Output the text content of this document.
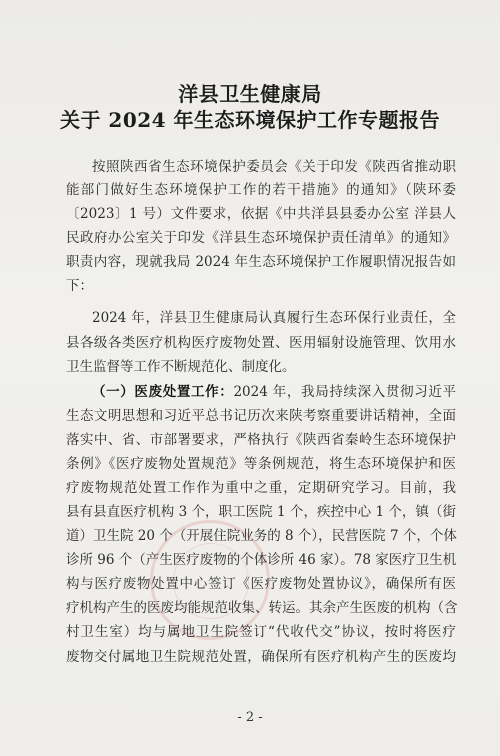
洋县卫生健康局
关于 2024 年生态环境保护工作专题报告
按照陕西省生态环境保护委员会《关于印发《陕西省推动职
能部门做好生态环境保护工作的若干措施》的通知》（陕环委
〔2023〕1 号）文件要求，依据《中共洋县县委办公室 洋县人
民政府办公室关于印发《洋县生态环境保护责任清单》的通知》
职责内容，现就我局 2024 年生态环境保护工作履职情况报告如
下：
2024 年，洋县卫生健康局认真履行生态环保行业责任，全
县各级各类医疗机构医疗废物处置、医用辐射设施管理、饮用水
卫生监督等工作不断规范化、制度化。
（一）医废处置工作：2024 年，我局持续深入贯彻习近平
生态文明思想和习近平总书记历次来陕考察重要讲话精神，全面
落实中、省、市部署要求，严格执行《陕西省秦岭生态环境保护
条例》《医疗废物处置规范》等条例规范，将生态环境保护和医
疗废物规范处置工作作为重中之重，定期研究学习。目前，我
县有县直医疗机构 3 个，职工医院 1 个，疾控中心 1 个，镇（街
道）卫生院 20 个（开展住院业务的 8 个），民营医院 7 个，个体
诊所 96 个（产生医疗废物的个体诊所 46 家）。78 家医疗卫生机
构与医疗废物处置中心签订《医疗废物处置协议》，确保所有医
疗机构产生的医废均能规范收集、转运。其余产生医废的机构（含
村卫生室）均与属地卫生院签订“代收代交”协议，按时将医疗
废物交付属地卫生院规范处置，确保所有医疗机构产生的医废均
- 2 -
